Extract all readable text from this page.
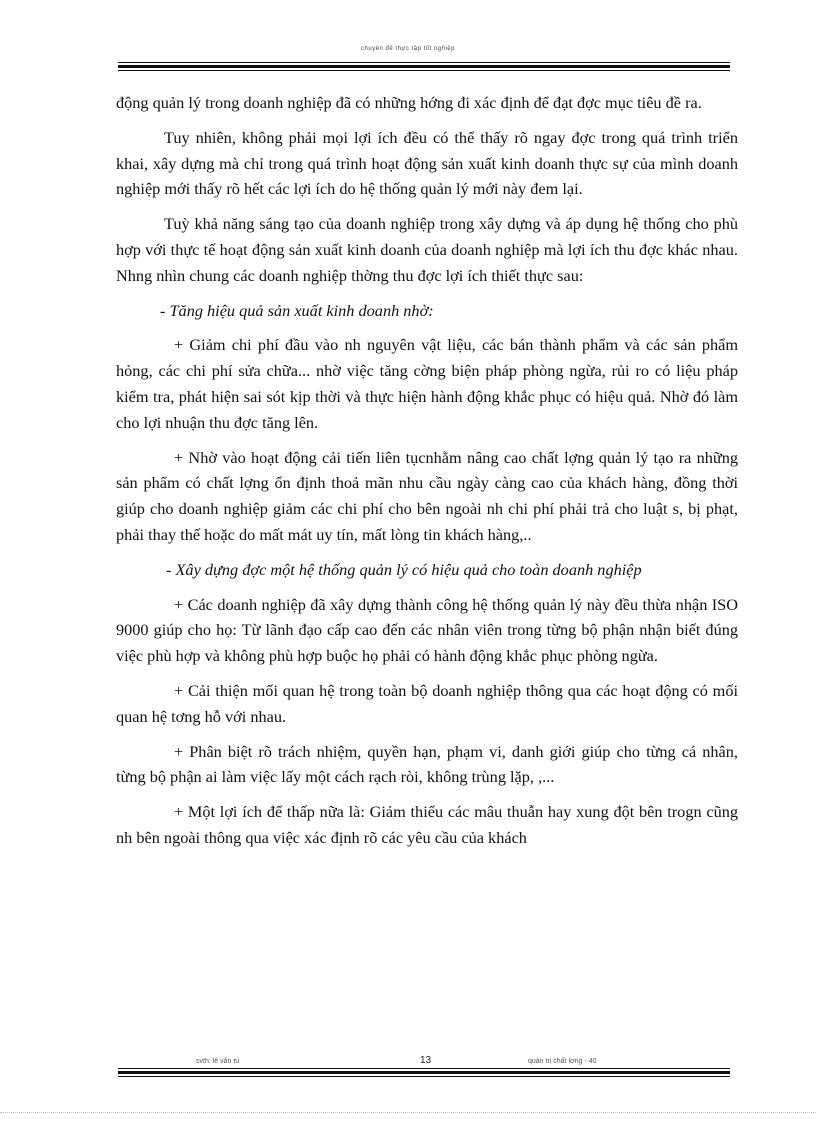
chuyên đề thực tập tốt nghiệp

động quản lý trong doanh nghiệp đã có những hớng đi xác định để đạt đợc mục tiêu đề ra.

Tuy nhiên, không phải mọi lợi ích đều có thể thấy rõ ngay đợc trong quá trình triển khai, xây dựng mà chỉ trong quá trình hoạt động sản xuất kinh doanh thực sự của mình doanh nghiệp mới thấy rõ hết các lợi ích do hệ thống quản lý mới này đem lại.

Tuỳ khả năng sáng tạo của doanh nghiệp trong xây dựng và áp dụng hệ thống cho phù hợp với thực tế hoạt động sản xuất kinh doanh của doanh nghiệp mà lợi ích thu đợc khác nhau. Nhng nhìn chung các doanh nghiệp thờng thu đợc lợi ích thiết thực sau:

- Tăng hiệu quả sản xuất kinh doanh nhờ:

+ Giảm chi phí đầu vào nh nguyên vật liệu, các bán thành phẩm và các sản phẩm hỏng, các chi phí sửa chữa... nhờ việc tăng cờng biện pháp phòng ngừa, rủi ro có liệu pháp kiểm tra, phát hiện sai sót kịp thời và thực hiện hành động khắc phục có hiệu quả. Nhờ đó làm cho lợi nhuận thu đợc tăng lên.

+ Nhờ vào hoạt động cải tiến liên tụcnhằm nâng cao chất lợng quản lý tạo ra những sản phẩm có chất lợng ổn định thoả mãn nhu cầu ngày càng cao của khách hàng, đồng thời giúp cho doanh nghiệp giảm các chi phí cho bên ngoài nh chi phí phải trả cho luật s, bị phạt, phải thay thế hoặc do mất mát uy tín, mất lòng tin khách hàng,..

- Xây dựng đợc một hệ thống quản lý có hiệu quả cho toàn doanh nghiệp

+ Các doanh nghiệp đã xây dựng thành công hệ thống quản lý này đều thừa nhận ISO 9000 giúp cho họ: Từ lãnh đạo cấp cao đến các nhân viên trong từng bộ phận nhận biết đúng việc phù hợp và không phù hợp buộc họ phải có hành động khắc phục phòng ngừa.

+ Cải thiện mối quan hệ trong toàn bộ doanh nghiệp thông qua các hoạt động có mối quan hệ tơng hỗ với nhau.

+ Phân biệt rõ trách nhiệm, quyền hạn, phạm vi, danh giới giúp cho từng cá nhân, từng bộ phận ai làm việc lấy một cách rạch ròi, không trùng lặp, ,...

+ Một lợi ích để thấp nữa là: Giảm thiểu các mâu thuẫn hay xung đột bên trogn cũng nh bên ngoài thông qua việc xác định rõ các yêu cầu của khách

svth: lê văn tú	13	quản trị chất lợng - 40
